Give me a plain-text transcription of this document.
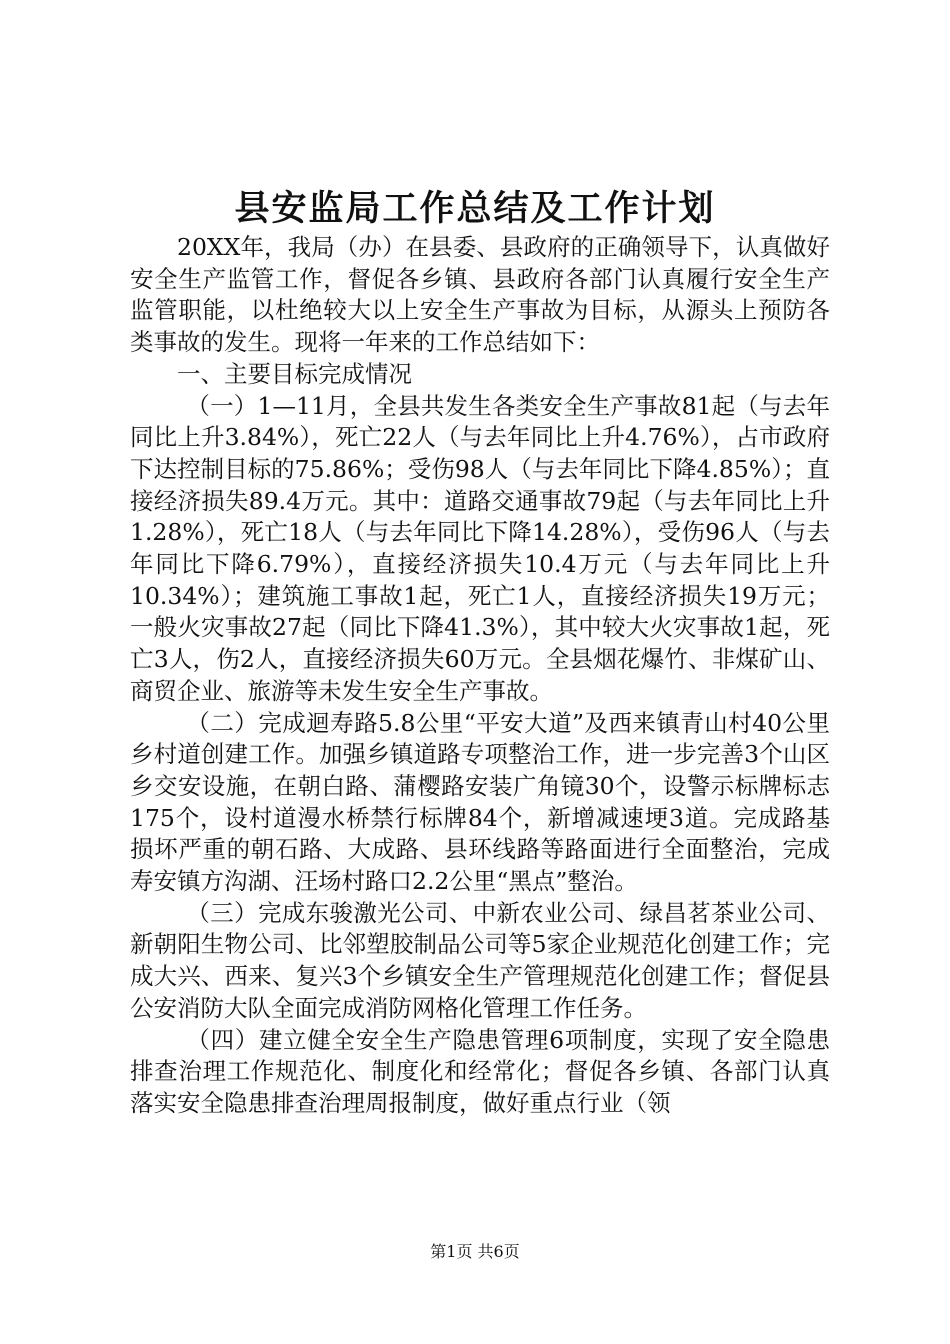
县安监局工作总结及工作计划

20XX年，我局（办）在县委、县政府的正确领导下，认真做好安全生产监管工作，督促各乡镇、县政府各部门认真履行安全生产监管职能，以杜绝较大以上安全生产事故为目标，从源头上预防各类事故的发生。现将一年来的工作总结如下：

一、主要目标完成情况

（一）1—11月，全县共发生各类安全生产事故81起（与去年同比上升3.84%），死亡22人（与去年同比上升4.76%），占市政府下达控制目标的75.86%；受伤98人（与去年同比下降4.85%）；直接经济损失89.4万元。其中：道路交通事故79起（与去年同比上升1.28%），死亡18人（与去年同比下降14.28%），受伤96人（与去年同比下降6.79%），直接经济损失10.4万元（与去年同比上升10.34%）；建筑施工事故1起，死亡1人，直接经济损失19万元；一般火灾事故27起（同比下降41.3%），其中较大火灾事故1起，死亡3人，伤2人，直接经济损失60万元。全县烟花爆竹、非煤矿山、商贸企业、旅游等未发生安全生产事故。

（二）完成迴寿路5.8公里“平安大道”及西来镇青山村40公里乡村道创建工作。加强乡镇道路专项整治工作，进一步完善3个山区乡交安设施，在朝白路、蒲樱路安装广角镜30个，设警示标牌标志175个，设村道漫水桥禁行标牌84个，新增减速埂3道。完成路基损坏严重的朝石路、大成路、县环线路等路面进行全面整治，完成寿安镇方沟湖、汪场村路口2.2公里“黑点”整治。

（三）完成东骏激光公司、中新农业公司、绿昌茗茶业公司、新朝阳生物公司、比邻塑胶制品公司等5家企业规范化创建工作；完成大兴、西来、复兴3个乡镇安全生产管理规范化创建工作；督促县公安消防大队全面完成消防网格化管理工作任务。

（四）建立健全安全生产隐患管理6项制度，实现了安全隐患排查治理工作规范化、制度化和经常化；督促各乡镇、各部门认真落实安全隐患排查治理周报制度，做好重点行业（领

第1页 共6页
